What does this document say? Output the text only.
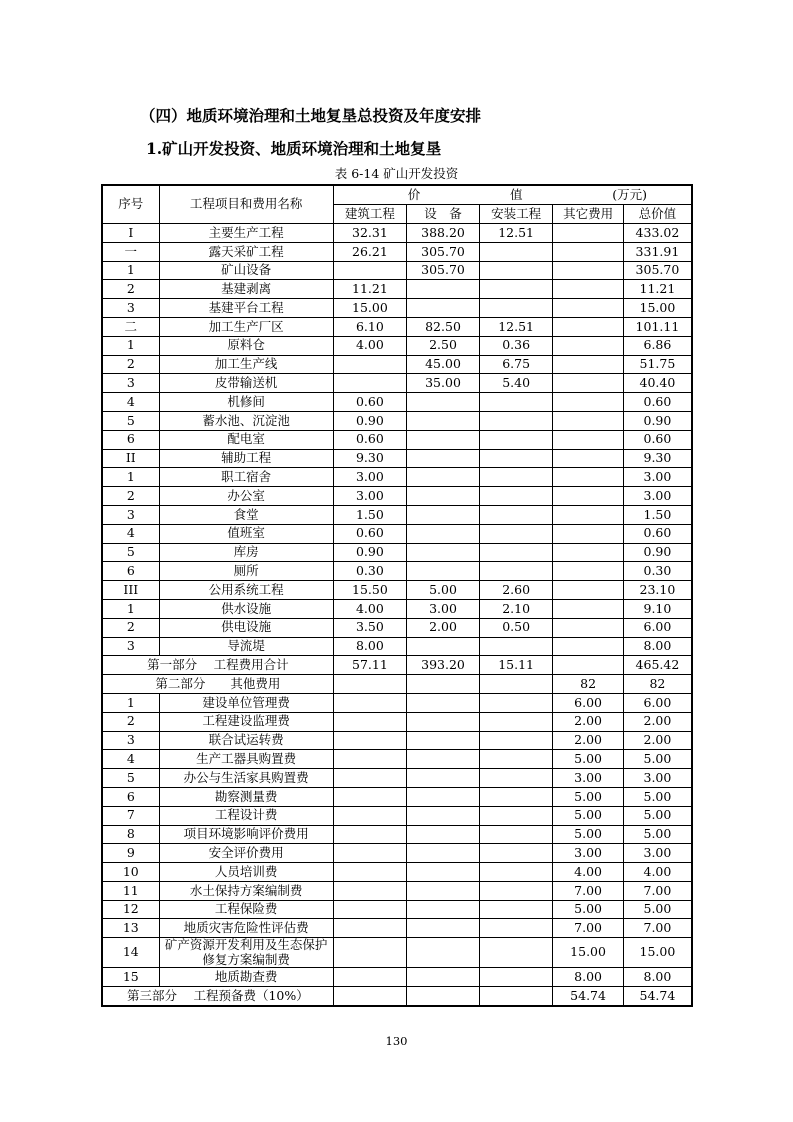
（四）地质环境治理和土地复垦总投资及年度安排
1.矿山开发投资、地质环境治理和土地复垦
表 6-14 矿山开发投资
序号	工程项目和费用名称	价 值 (万元)				

		建筑工程	设　备	安装工程	其它费用	总价值
I	主要生产工程	32.31	388.20	12.51		433.02
一	露天采矿工程	26.21	305.70			331.91
1	矿山设备		305.70			305.70
2	基建剥离	11.21				11.21
3	基建平台工程	15.00				15.00
二	加工生产厂区	6.10	82.50	12.51		101.11
1	原料仓	4.00	2.50	0.36		6.86
2	加工生产线		45.00	6.75		51.75
3	皮带输送机		35.00	5.40		40.40
4	机修间	0.60				0.60
5	蓄水池、沉淀池	0.90				0.90
6	配电室	0.60				0.60
II	辅助工程	9.30				9.30
1	职工宿舍	3.00				3.00
2	办公室	3.00				3.00
3	食堂	1.50				1.50
4	值班室	0.60				0.60
5	库房	0.90				0.90
6	厕所	0.30				0.30
III	公用系统工程	15.50	5.00	2.60		23.10
1	供水设施	4.00	3.00	2.10		9.10
2	供电设施	3.50	2.00	0.50		6.00
3	导流堤	8.00				8.00
第一部分　 工程费用合计		57.11	393.20	15.11		465.42
第二部分　　其他费用					82	82
1	建设单位管理费				6.00	6.00
2	工程建设监理费				2.00	2.00
3	联合试运转费				2.00	2.00
4	生产工器具购置费				5.00	5.00
5	办公与生活家具购置费				3.00	3.00
6	勘察测量费				5.00	5.00
7	工程设计费				5.00	5.00
8	项目环境影响评价费用				5.00	5.00
9	安全评价费用				3.00	3.00
10	人员培训费				4.00	4.00
11	水土保持方案编制费				7.00	7.00
12	工程保险费				5.00	5.00
13	地质灾害危险性评估费				7.00	7.00
14	矿产资源开发利用及生态保护修复方案编制费				15.00	15.00
15	地质勘查费				8.00	8.00
第三部分　 工程预备费（10%）					54.74	54.74
130
